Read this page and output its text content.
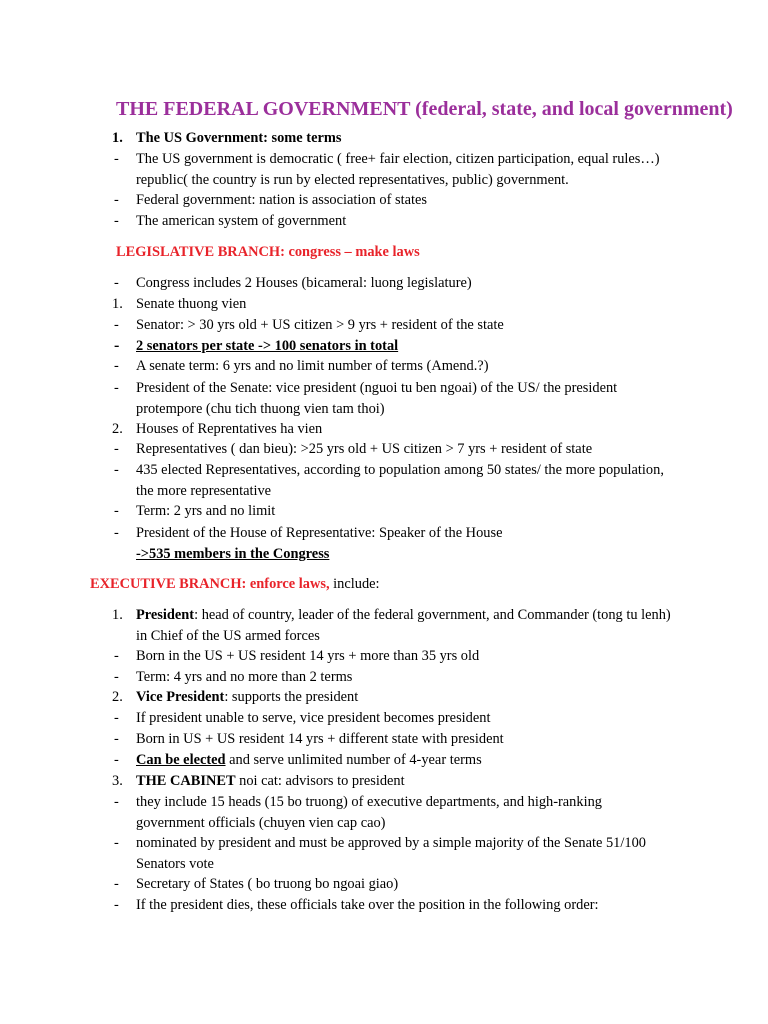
THE FEDERAL GOVERNMENT (federal, state, and local government)
1. The US Government: some terms
- The US government is democratic ( free+ fair election, citizen participation, equal rules…) republic( the country is run by elected representatives, public) government.
- Federal government: nation is association of states
- The american system of government
LEGISLATIVE BRANCH: congress – make laws
- Congress includes 2 Houses (bicameral: luong legislature)
1. Senate thuong vien
- Senator: > 30 yrs old + US citizen > 9 yrs + resident of the state
- 2 senators per state -> 100 senators in total
- A senate term: 6 yrs and no limit number of terms (Amend.?)
- President of the Senate: vice president (nguoi tu ben ngoai) of the US/ the president protempore (chu tich thuong vien tam thoi)
2. Houses of Reprentatives ha vien
- Representatives ( dan bieu): >25 yrs old + US citizen > 7 yrs + resident of state
- 435 elected Representatives, according to population among 50 states/ the more population, the more representative
- Term: 2 yrs and no limit
- President of the House of Representative: Speaker of the House
->535 members in the Congress
EXECUTIVE BRANCH: enforce laws, include:
1. President: head of country, leader of the federal government, and Commander (tong tu lenh) in Chief of the US armed forces
- Born in the US + US resident 14 yrs + more than 35 yrs old
- Term: 4 yrs and no more than 2 terms
2. Vice President: supports the president
- If president unable to serve, vice president becomes president
- Born in US + US resident 14 yrs + different state with president
- Can be elected and serve unlimited number of 4-year terms
3. THE CABINET noi cat: advisors to president
- they include 15 heads (15 bo truong) of executive departments, and high-ranking government officials (chuyen vien cap cao)
- nominated by president and must be approved by a simple majority of the Senate 51/100 Senators vote
- Secretary of States ( bo truong bo ngoai giao)
- If the president dies, these officials take over the position in the following order:
